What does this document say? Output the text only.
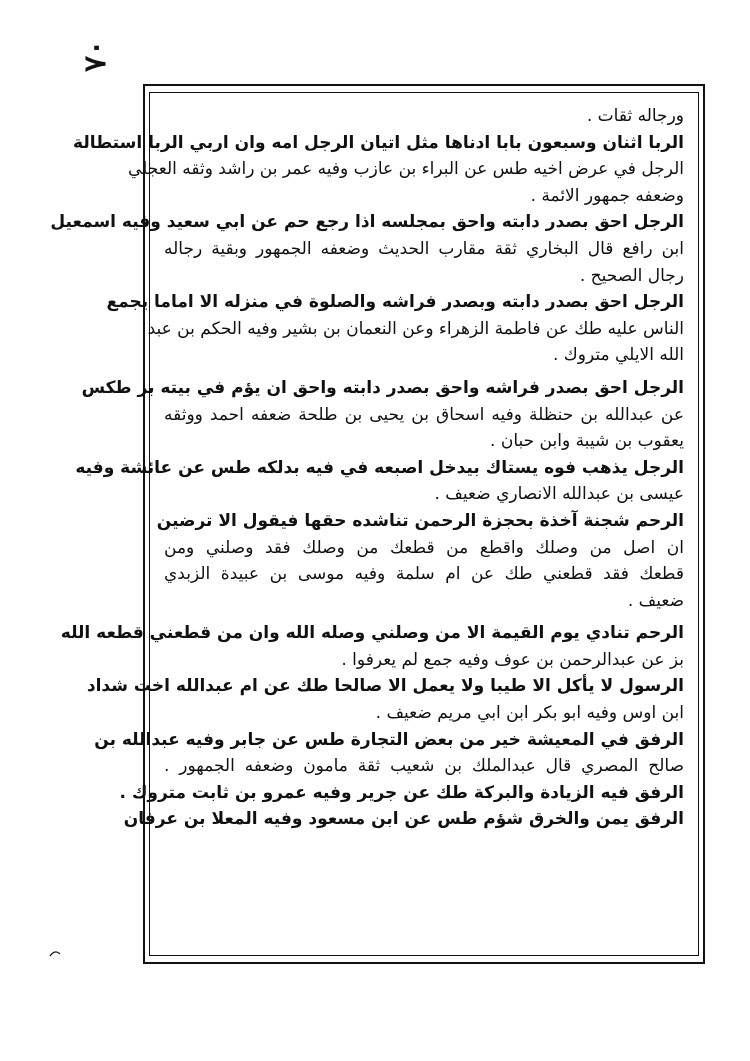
٧٠
ورجاله ثقات .
الربا اثنان وسبعون بابا ادناها مثل اتيان الرجل امه وان اربي الربا استطالة
الرجل في عرض اخيه طس عن البراء بن عازب وفيه عمر بن راشد وثقه العجلي
وضعفه جمهور الائمة .
الرجل احق بصدر دابته واحق بمجلسه اذا رجع حم عن ابي سعيد وفيه اسمعيل
ابن رافع قال البخاري ثقة مقارب الحديث وضعفه الجمهور وبقية رجاله
رجال الصحيح .
الرجل احق بصدر دابته وبصدر فراشه والصلوة في منزله الا اماما يجمع
الناس عليه طك عن فاطمة الزهراء وعن النعمان بن بشير وفيه الحكم بن عبد
الله الايلي متروك .
الرجل احق بصدر فراشه واحق بصدر دابته واحق ان يؤم في بيته بز طكس
عن عبدالله بن حنظلة وفيه اسحاق بن يحيى بن طلحة ضعفه احمد ووثقه
يعقوب بن شيبة وابن حبان .
الرجل يذهب فوه يستاك بيدخل اصبعه في فيه بدلكه طس عن عائشة وفيه
عيسى بن عبدالله الانصاري ضعيف .
الرحم شجنة آخذة بحجزة الرحمن تناشده حقها فيقول الا ترضين
ان اصل من وصلك واقطع من قطعك من وصلك فقد وصلني ومن
قطعك فقد قطعني طك عن ام سلمة وفيه موسى بن عبيدة الزبدي
ضعيف .
الرحم تنادي يوم القيمة الا من وصلني وصله الله وان من قطعني قطعه الله
بز عن عبدالرحمن بن عوف وفيه جمع لم يعرفوا .
الرسول لا يأكل الا طيبا ولا يعمل الا صالحا طك عن ام عبدالله اخت شداد
ابن اوس وفيه ابو بكر ابن ابي مريم ضعيف .
الرفق في المعيشة خير من بعض التجارة طس عن جابر وفيه عبدالله بن
صالح المصري قال عبدالملك بن شعيب ثقة مامون وضعفه الجمهور .
الرفق فيه الزيادة والبركة طك عن جرير وفيه عمرو بن ثابت متروك .
الرفق يمن والخرق شؤم طس عن ابن مسعود وفيه المعلا بن عرفان
